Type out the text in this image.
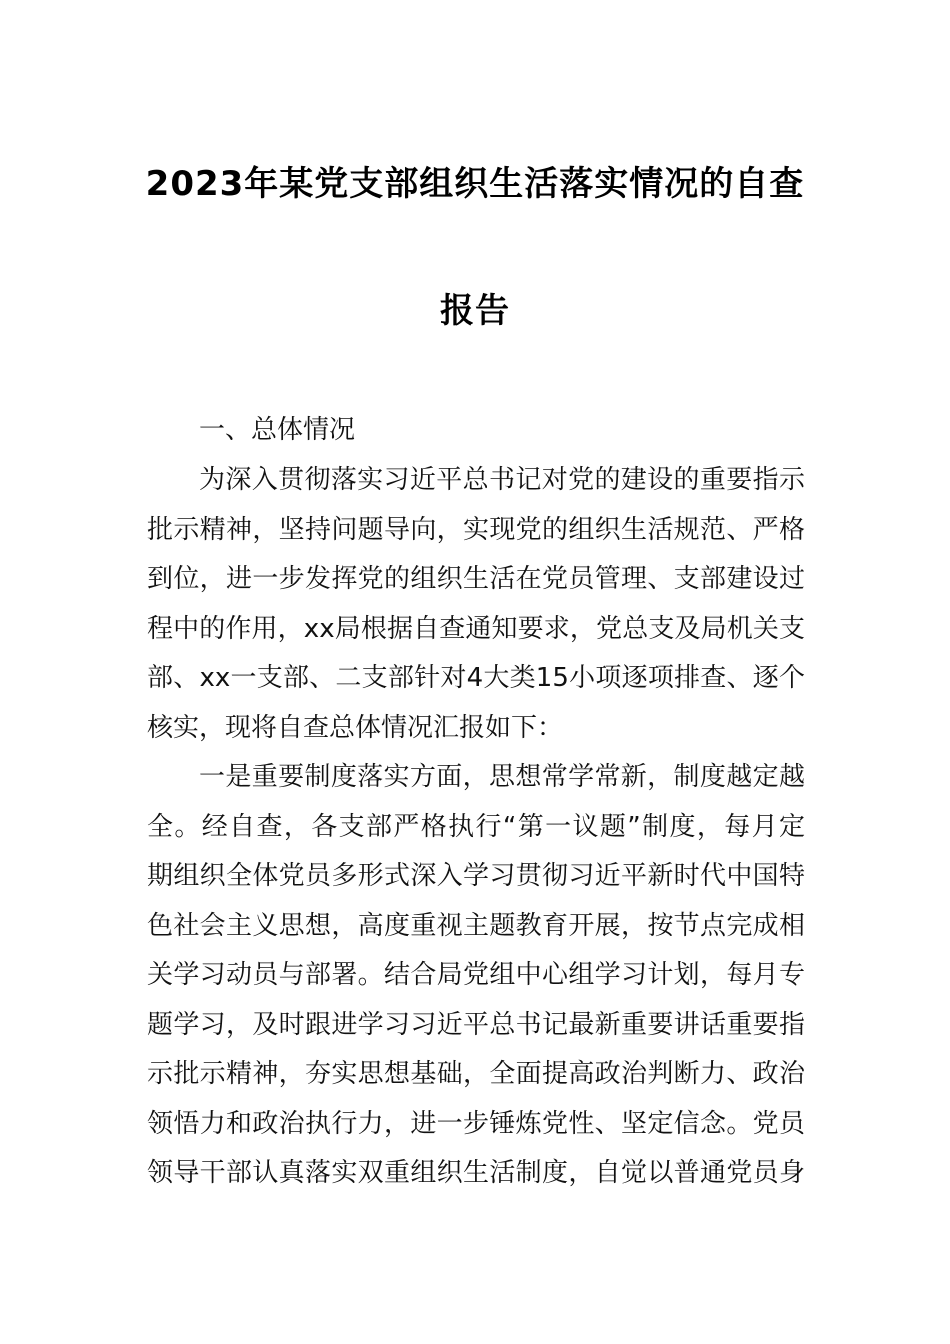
2023年某党支部组织生活落实情况的自查
报告
一、总体情况
为深入贯彻落实习近平总书记对党的建设的重要指示
批示精神，坚持问题导向，实现党的组织生活规范、严格
到位，进一步发挥党的组织生活在党员管理、支部建设过
程中的作用，xx局根据自查通知要求，党总支及局机关支
部、xx一支部、二支部针对4大类15小项逐项排查、逐个
核实，现将自查总体情况汇报如下：
一是重要制度落实方面，思想常学常新，制度越定越
全。经自查，各支部严格执行“第一议题”制度，每月定
期组织全体党员多形式深入学习贯彻习近平新时代中国特
色社会主义思想，高度重视主题教育开展，按节点完成相
关学习动员与部署。结合局党组中心组学习计划，每月专
题学习，及时跟进学习习近平总书记最新重要讲话重要指
示批示精神，夯实思想基础，全面提高政治判断力、政治
领悟力和政治执行力，进一步锤炼党性、坚定信念。党员
领导干部认真落实双重组织生活制度，自觉以普通党员身
